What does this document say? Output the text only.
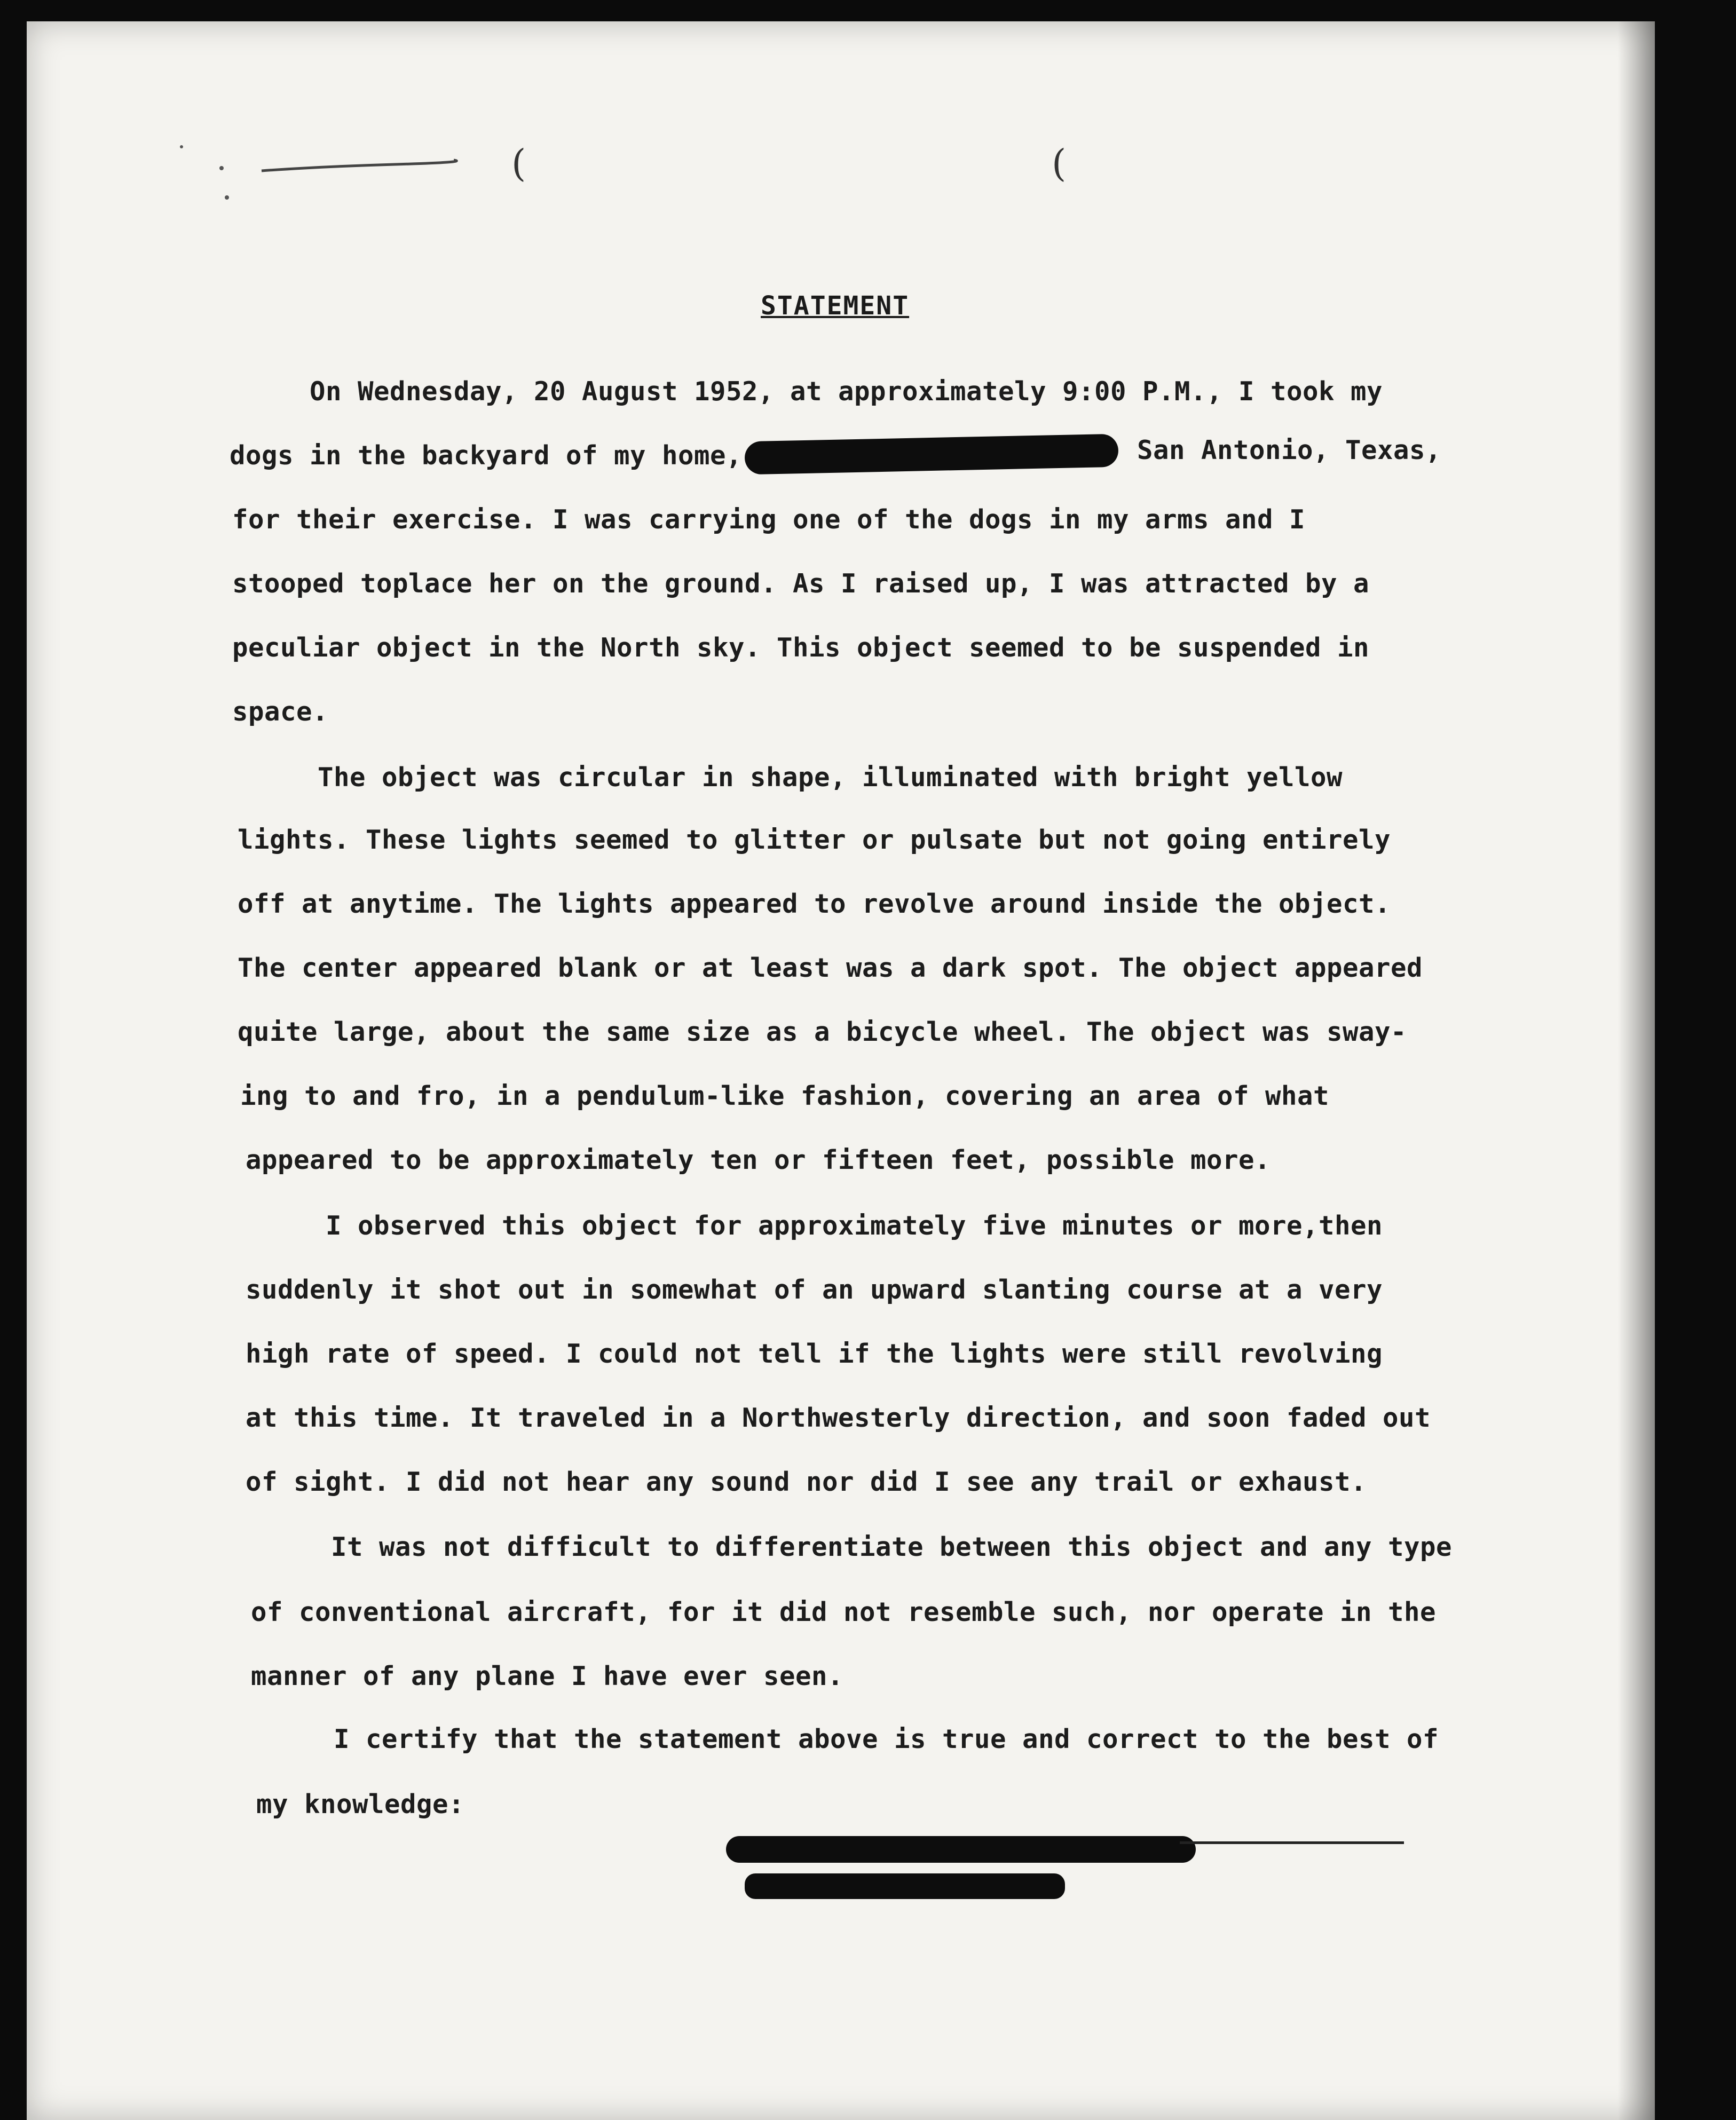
(	(
STATEMENT
On Wednesday, 20 August 1952, at approximately 9:00 P.M., I took my
dogs in the backyard of my home,	San Antonio, Texas,
for their exercise. I was carrying one of the dogs in my arms and I
stooped toplace her on the ground. As I raised up, I was attracted by a
peculiar object in the North sky. This object seemed to be suspended in
space.
The object was circular in shape, illuminated with bright yellow
lights. These lights seemed to glitter or pulsate but not going entirely
off at anytime. The lights appeared to revolve around inside the object.
The center appeared blank or at least was a dark spot. The object appeared
quite large, about the same size as a bicycle wheel. The object was sway-
ing to and fro, in a pendulum-like fashion, covering an area of what
appeared to be approximately ten or fifteen feet, possible more.
I observed this object for approximately five minutes or more,then
suddenly it shot out in somewhat of an upward slanting course at a very
high rate of speed. I could not tell if the lights were still revolving
at this time. It traveled in a Northwesterly direction, and soon faded out
of sight. I did not hear any sound nor did I see any trail or exhaust.
It was not difficult to differentiate between this object and any type
of conventional aircraft, for it did not resemble such, nor operate in the
manner of any plane I have ever seen.
I certify that the statement above is true and correct to the best of
my knowledge:
